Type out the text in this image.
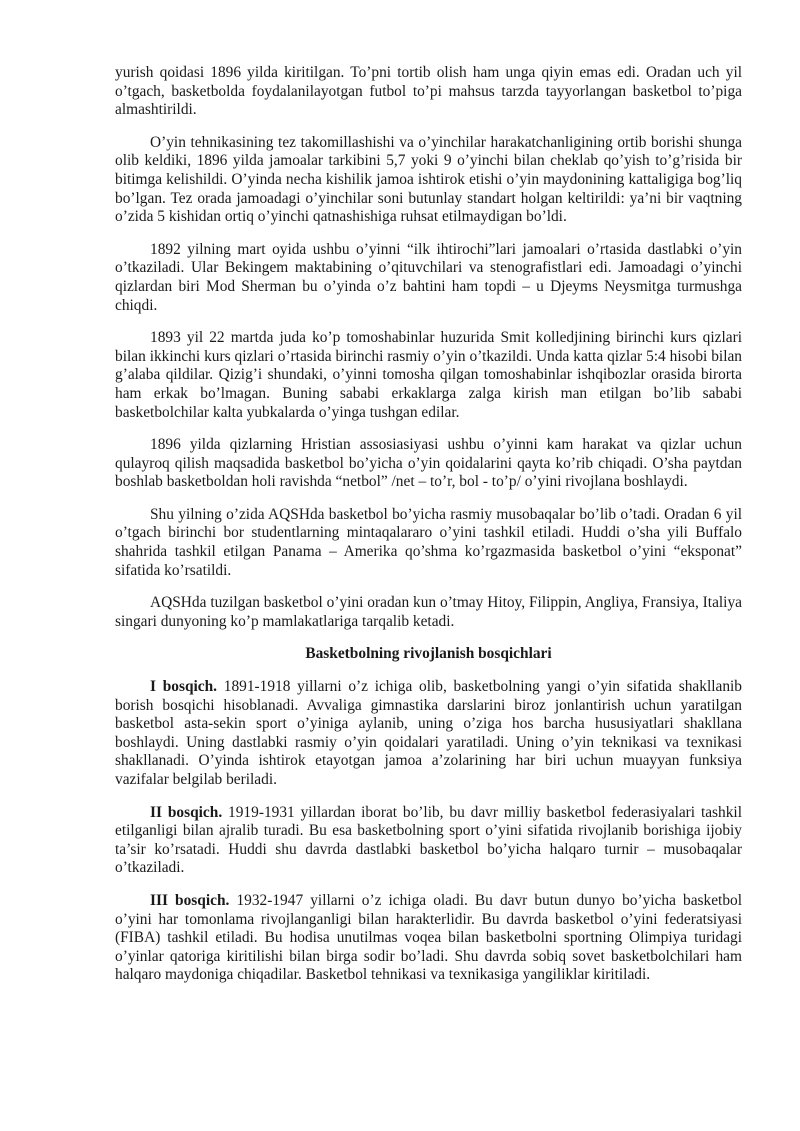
yurish qoidasi 1896 yilda kiritilgan. To’pni tortib olish ham unga qiyin emas edi. Oradan uch yil o’tgach, basketbolda foydalanilayotgan futbol to’pi mahsus tarzda tayyorlangan basketbol to’piga almashtirildi.

O’yin tehnikasining tez takomillashishi va o’yinchilar harakatchanligining ortib borishi shunga olib keldiki, 1896 yilda jamoalar tarkibini 5,7 yoki 9 o’yinchi bilan cheklab qo’yish to’g’risida bir bitimga kelishildi. O’yinda necha kishilik jamoa ishtirok etishi o’yin maydonining kattaligiga bog’liq bo’lgan. Tez orada jamoadagi o’yinchilar soni butunlay standart holgan keltirildi: ya’ni bir vaqtning o’zida 5 kishidan ortiq o’yinchi qatnashishiga ruhsat etilmaydigan bo’ldi.

1892 yilning mart oyida ushbu o’yinni “ilk ihtirochi”lari jamoalari o’rtasida dastlabki o’yin o’tkaziladi. Ular Bekingem maktabining o’qituvchilari va stenografistlari edi. Jamoadagi o’yinchi qizlardan biri Mod Sherman bu o’yinda o’z bahtini ham topdi – u Djeyms Neysmitga turmushga chiqdi.

1893 yil 22 martda juda ko’p tomoshabinlar huzurida Smit kolledjining birinchi kurs qizlari bilan ikkinchi kurs qizlari o’rtasida birinchi rasmiy o’yin o’tkazildi. Unda katta qizlar 5:4 hisobi bilan g’alaba qildilar. Qizig’i shundaki, o’yinni tomosha qilgan tomoshabinlar ishqibozlar orasida birorta ham erkak bo’lmagan. Buning sababi erkaklarga zalga kirish man etilgan bo’lib sababi basketbolchilar kalta yubkalarda o’yinga tushgan edilar.

1896 yilda qizlarning Hristian assosiasiyasi ushbu o’yinni kam harakat va qizlar uchun qulayroq qilish maqsadida basketbol bo’yicha o’yin qoidalarini qayta ko’rib chiqadi. O’sha paytdan boshlab basketboldan holi ravishda “netbol” /net – to’r, bol - to’p/ o’yini rivojlana boshlaydi.

Shu yilning o’zida AQSHda basketbol bo’yicha rasmiy musobaqalar bo’lib o’tadi. Oradan 6 yil o’tgach birinchi bor studentlarning mintaqalararo o’yini tashkil etiladi. Huddi o’sha yili Buffalo shahrida tashkil etilgan Panama – Amerika qo’shma ko’rgazmasida basketbol o’yini “eksponat” sifatida ko’rsatildi.

AQSHda tuzilgan basketbol o’yini oradan kun o’tmay Hitoy, Filippin, Angliya, Fransiya, Italiya singari dunyoning ko’p mamlakatlariga tarqalib ketadi.

Basketbolning rivojlanish bosqichlari

I bosqich. 1891-1918 yillarni o’z ichiga olib, basketbolning yangi o’yin sifatida shakllanib borish bosqichi hisoblanadi. Avvaliga gimnastika darslarini biroz jonlantirish uchun yaratilgan basketbol asta-sekin sport o’yiniga aylanib, uning o’ziga hos barcha hususiyatlari shakllana boshlaydi. Uning dastlabki rasmiy o’yin qoidalari yaratiladi. Uning o’yin teknikasi va texnikasi shakllanadi. O’yinda ishtirok etayotgan jamoa a’zolarining har biri uchun muayyan funksiya vazifalar belgilab beriladi.

II bosqich. 1919-1931 yillardan iborat bo’lib, bu davr milliy basketbol federasiyalari tashkil etilganligi bilan ajralib turadi. Bu esa basketbolning sport o’yini sifatida rivojlanib borishiga ijobiy ta’sir ko’rsatadi. Huddi shu davrda dastlabki basketbol bo’yicha halqaro turnir – musobaqalar o’tkaziladi.

III bosqich. 1932-1947 yillarni o’z ichiga oladi. Bu davr butun dunyo bo’yicha basketbol o’yini har tomonlama rivojlanganligi bilan harakterlidir. Bu davrda basketbol o’yini federatsiyasi (FIBA) tashkil etiladi. Bu hodisa unutilmas voqea bilan basketbolni sportning Olimpiya turidagi o’yinlar qatoriga kiritilishi bilan birga sodir bo’ladi. Shu davrda sobiq sovet basketbolchilari ham halqaro maydoniga chiqadilar. Basketbol tehnikasi va texnikasiga yangiliklar kiritiladi.
